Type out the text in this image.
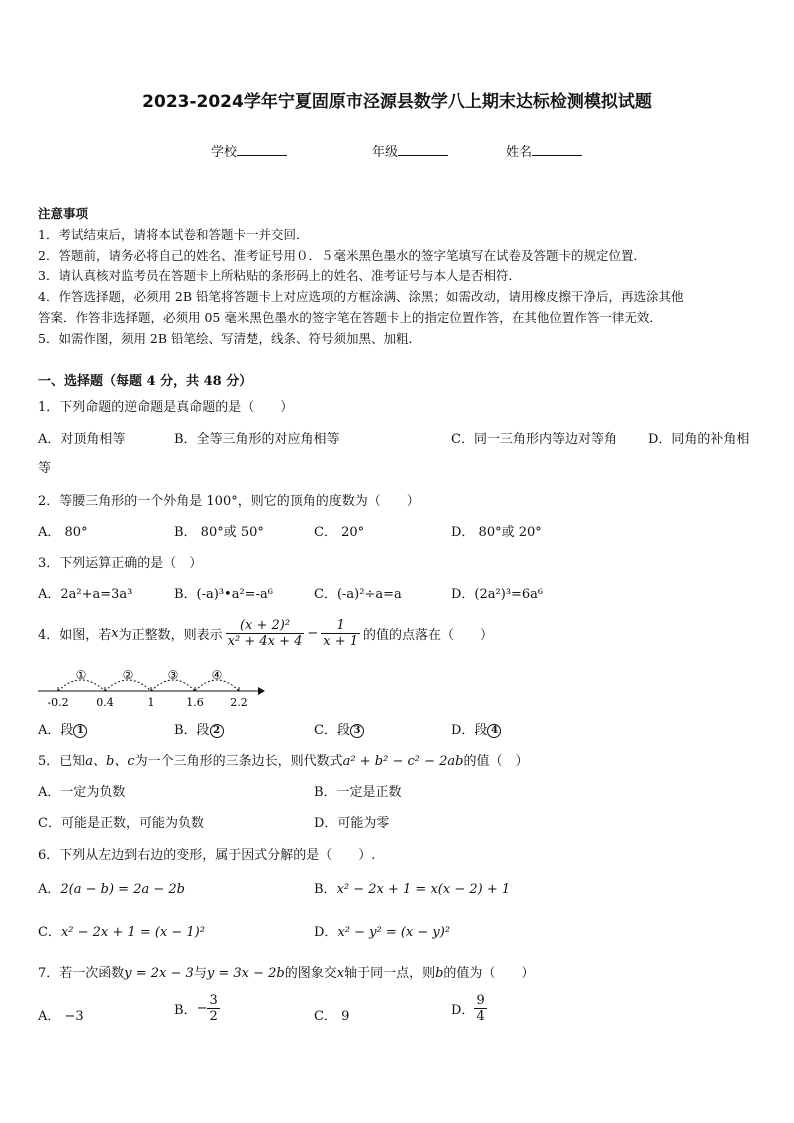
2023-2024学年宁夏固原市泾源县数学八上期末达标检测模拟试题
学校	年级	姓名
注意事项
1．考试结束后，请将本试卷和答题卡一并交回．
2．答题前，请务必将自己的姓名、准考证号用０．５毫米黑色墨水的签字笔填写在试卷及答题卡的规定位置．
3．请认真核对监考员在答题卡上所粘贴的条形码上的姓名、准考证号与本人是否相符．
4．作答选择题，必须用 2B 铅笔将答题卡上对应选项的方框涂满、涂黑；如需改动，请用橡皮擦干净后，再选涂其他
答案．作答非选择题，必须用 05 毫米黑色墨水的签字笔在答题卡上的指定位置作答，在其他位置作答一律无效．
5．如需作图，须用 2B 铅笔绘、写清楚，线条、符号须加黑、加粗．
一、选择题（每题 4 分，共 48 分）
1．下列命题的逆命题是真命题的是（　　）
A．对顶角相等	B．全等三角形的对应角相等	C．同一三角形内等边对等角 D．同角的补角相
等
2．等腰三角形的一个外角是 100°，则它的顶角的度数为（　　）
A． 80°	B． 80°或 50°	C． 20°	D． 80°或 20°
3．下列运算正确的是（　）
A．2a²+a=3a³	B．(-a)³•a²=-a⁶	C．(-a)²÷a=a	D．(2a²)³=6a⁶
4．如图，若 x 为正整数，则表示 $\frac{\text{(x + 2)²}}{\text{x² + 4x + 4}} - \frac{1}{x + 1}$ 的值的点落在（　　）
①	②	③	④
-0.2	0.4	1	1.6 2.2
A．段 1	B．段 2	C．段 3	D．段 4
5．已知a、b、c为一个三角形的三条边长，则代数式a² + b² − c² − 2ab的值（　）
A．一定为负数	B．一定是正数
C．可能是正数，可能为负数	D．可能为零
6．下列从左边到右边的变形，属于因式分解的是（　　）.
A．2(a − b) = 2a − 2b	B．x² − 2x + 1 = x(x − 2) + 1
C．x² − 2x + 1 = (x − 1)²	D．x² − y² = (x − y)²
7．若一次函数y = 2x − 3与y = 3x − 2b的图象交x轴于同一点，则b的值为（　　）
A． −3	B． − $\frac{3}{2}$	C． 9	D． $\frac{9}{4}$
